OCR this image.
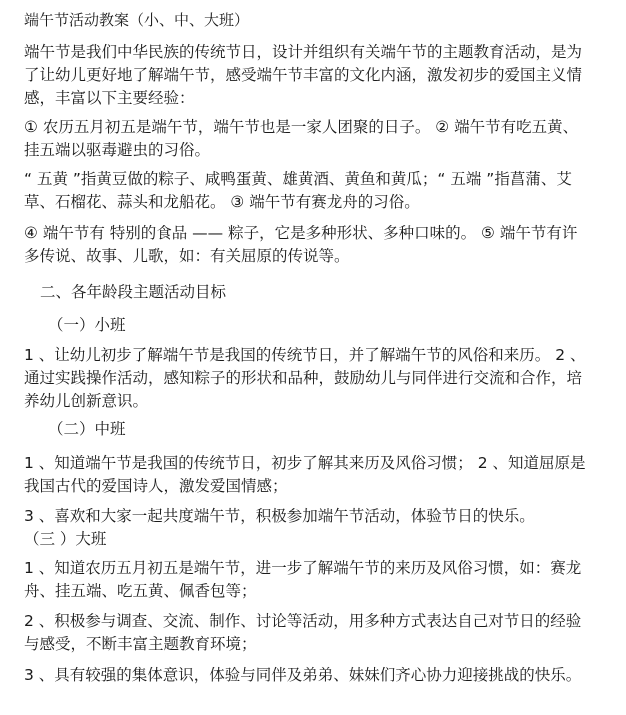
端午节活动教案（小、中、大班）
端午节是我们中华民族的传统节日，设计并组织有关端午节的主题教育活动，是为了让幼儿更好地了解端午节，感受端午节丰富的文化内涵，激发初步的爱国主义情感，丰富以下主要经验：
① 农历五月初五是端午节，端午节也是一家人团聚的日子。 ② 端午节有吃五黄、挂五端以驱毒避虫的习俗。
“ 五黄 ”指黄豆做的粽子、咸鸭蛋黄、雄黄酒、黄鱼和黄瓜；“ 五端 ”指菖蒲、艾草、石榴花、蒜头和龙船花。 ③ 端午节有赛龙舟的习俗。
④ 端午节有 特别的食品 —— 粽子，它是多种形状、多种口味的。 ⑤ 端午节有许多传说、故事、儿歌，如：有关屈原的传说等。
二、各年龄段主题活动目标
（一）小班
1 、让幼儿初步了解端午节是我国的传统节日，并了解端午节的风俗和来历。 2 、通过实践操作活动，感知粽子的形状和品种，鼓励幼儿与同伴进行交流和合作，培养幼儿创新意识。
（二）中班
1 、知道端午节是我国的传统节日，初步了解其来历及风俗习惯； 2 、知道屈原是我国古代的爱国诗人，激发爱国情感；
3 、喜欢和大家一起共度端午节，积极参加端午节活动，体验节日的快乐。
（三 ）大班
1 、知道农历五月初五是端午节，进一步了解端午节的来历及风俗习惯，如：赛龙舟、挂五端、吃五黄、佩香包等；
2 、积极参与调查、交流、制作、讨论等活动，用多种方式表达自己对节日的经验与感受，不断丰富主题教育环境；
3 、具有较强的集体意识，体验与同伴及弟弟、妹妹们齐心协力迎接挑战的快乐。
